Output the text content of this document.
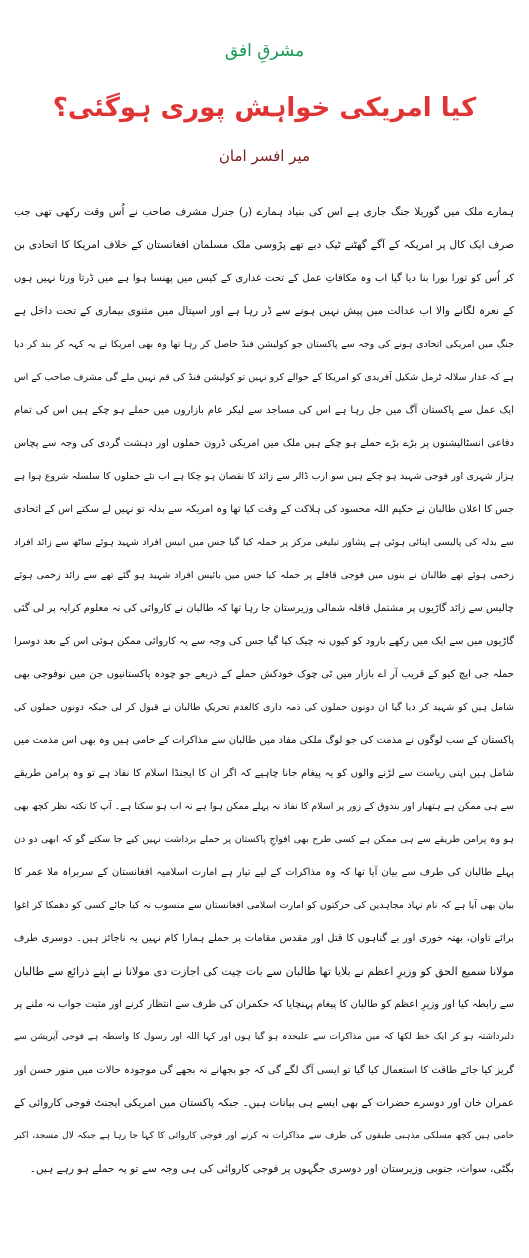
مشرقِ افق
کیا امریکی خواہش پوری ہوگئی؟
میر افسر امان
ہمارے ملک میں گوریلا جنگ جاری ہے اس کی بنیاد ہمارے (ر) جنرل مشرف صاحب نے اُس وقت رکھی تھی جب
صرف ایک کال پر امریکہ کے آگے گھٹنے ٹیک دیے تھے پڑوسی ملک مسلمان افغانستان کے خلاف امریکا کا اتحادی بن
کر اُس کو تورا بورا بنا دیا گیا اب وہ مکافاتِ عمل کے تحت غداری کے کیس میں پھنسا ہوا ہے میں ڈرتا ورتا نہیں ہوں
کے نعرہ لگانے والا اب عدالت میں پیش نہیں ہونے سے ڈر رہا ہے اور اسپتال میں مثنوی بیماری کے تحت داخل ہے
جنگ میں امریکی اتحادی ہونے کی وجہ سے پاکستان جو کولیشن فنڈ حاصل کر رہا تھا وہ بھی امریکا نے یہ کہہ کر بند کر دیا
ہے کہ غدار سلالہ ٹرمل شکیل آفریدی کو امریکا کے حوالے کرو نہیں تو کولیشن فنڈ کی قم نہیں ملے گی مشرف صاحب کے اس
ایک عمل سے پاکستان آگ میں جل رہا ہے اس کی مساجد سے لیکر عام بازاروں میں حملے ہو چکے ہیں اس کی تمام
دفاعی انسٹالیشنوں پر بڑے بڑے حملے ہو چکے ہیں ملک میں امریکی ڈرون حملوں اور دہشت گردی کی وجہ سے پچاس
ہزار شہری اور فوجی شہید ہو چکے ہیں سو ارب ڈالر سے زائد کا نقصان ہو چکا ہے اب نئے حملوں کا سلسلہ شروع ہوا ہے
جس کا اعلان طالبان نے حکیم اللہ محسود کی ہلاکت کے وقت کیا تھا وہ امریکہ سے بدلہ تو نہیں لے سکتے اس کے اتحادی
سے بدلہ کی پالیسی اپنائی ہوئی ہے پشاور تبلیغی مرکز پر حملہ کیا گیا جس میں انیس افراد شہید ہوئے ساٹھ سے زائد افراد
زخمی ہوئے تھے طالبان نے بنوں میں فوجی قافلے پر حملہ کیا جس میں بائیس افراد شہید ہو گئے تھے سے زائد زخمی ہوئے
چالیس سے زائد گاڑیوں پر مشتمل قافلہ شمالی وزیرستان جا رہا تھا کہ طالبان نے کاروائی کی نہ معلوم کرایہ پر لی گئی
گاڑیوں میں سے ایک میں رکھے بارود کو کیوں نہ چیک کیا گیا جس کی وجہ سے یہ کاروائی ممکن ہوئی اس کے بعد دوسرا
حملہ جی ایچ کیو کے قریب آر اے بازار میں ٹی چوک خودکش حملے کے ذریعے جو چودہ پاکستانیوں جن میں نوفوجی بھی
شامل ہیں کو شہید کر دیا گیا ان دونوں حملوں کی ذمہ داری کالعدم تحریکِ طالبان نے قبول کر لی جبکہ دونوں حملوں کی
پاکستان کے سب لوگوں نے مذمت کی جو لوگ ملکی مفاد میں طالبان سے مذاکرات کے حامی ہیں وہ بھی اس مذمت میں
شامل ہیں اپنی ریاست سے لڑنے والوں کو یہ پیغام جانا چاہیے کہ اگر ان کا ایجنڈا اسلام کا نفاذ ہے تو وہ پرامن طریقے
سے ہی ممکن ہے ہتھیار اور بندوق کے زور پر اسلام کا نفاذ نہ پہلے ممکن ہوا ہے نہ اب ہو سکتا ہے۔ آپ کا نکتہ نظر کچھ بھی
ہو وہ پرامن طریقے سے ہی ممکن ہے کسی طرح بھی افواجِ پاکستان پر حملے برداشت نہیں کیے جا سکتے گو کہ ابھی دو دن
پہلے طالبان کی طرف سے بیان آیا تھا کہ وہ مذاکرات کے لیے تیار ہے امارت اسلامیہ افغانستان کے سربراہ ملا عمر کا
بیان بھی آیا ہے کہ نام نہاد مجاہدین کی حرکتوں کو امارت اسلامی افغانستان سے منسوب نہ کیا جائے کسی کو دھمکا کر اغوا
برائے تاوان، بھتہ خوری اور بے گناہوں کا قتل اور مقدس مقامات پر حملے ہمارا کام نہیں یہ ناجائز ہیں۔ دوسری طرف
مولانا سمیع الحق کو وزیرِ اعظم نے بلایا تھا طالبان سے بات چیت کی اجازت دی مولانا نے اپنے ذرائع سے طالبان
سے رابطہ کیا اور وزیرِ اعظم کو طالبان کا پیغام پہنچایا کہ حکمران کی طرف سے انتظار کرنے اور مثبت جواب نہ ملنے پر
دلبرداشتہ ہو کر ایک خط لکھا کہ میں مذاکرات سے علیحدہ ہو گیا ہوں اور کہا اللہ اور رسول کا واسطہ ہے فوجی آپریشن سے
گریز کیا جائے طاقت کا استعمال کیا گیا تو ایسی آگ لگے گی کہ جو بجھانے نہ بجھے گی موجودہ حالات میں منور حسن اور
عمران خان اور دوسرے حضرات کے بھی ایسے ہی بیانات ہیں۔ جبکہ پاکستان میں امریکی ایجنٹ فوجی کاروائی کے
حامی ہیں کچھ مسلکی مذہبی طبقوں کی طرف سے مذاکرات نہ کرنے اور فوجی کاروائی کا کہا جا رہا ہے جبکہ لال مسجد، اکبر
بگٹی، سوات، جنوبی وزیرستان اور دوسری جگہوں پر فوجی کاروائی کی ہی وجہ سے تو یہ حملے ہو رہے ہیں۔
